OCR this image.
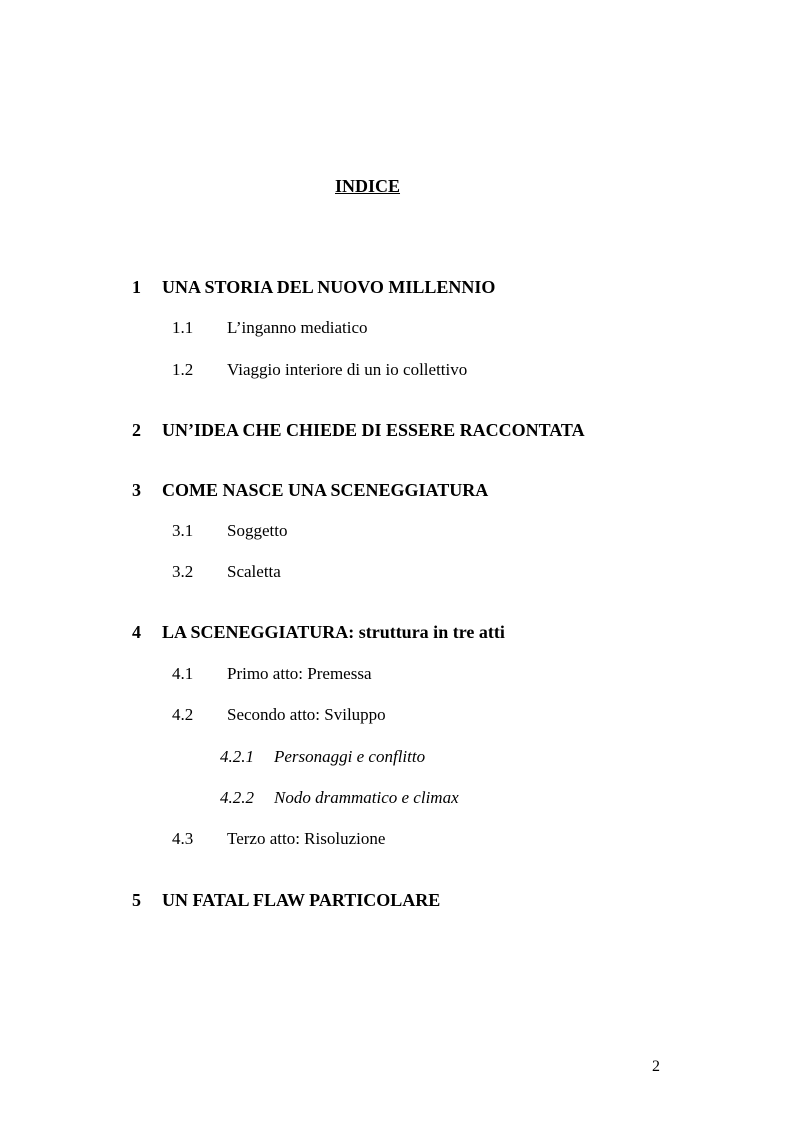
INDICE
1 UNA STORIA DEL NUOVO MILLENNIO
1.1 L’inganno mediatico
1.2 Viaggio interiore di un io collettivo
2 UN’IDEA CHE CHIEDE DI ESSERE RACCONTATA
3 COME NASCE UNA SCENEGGIATURA
3.1 Soggetto
3.2 Scaletta
4 LA SCENEGGIATURA: struttura in tre atti
4.1 Primo atto: Premessa
4.2 Secondo atto: Sviluppo
4.2.1 Personaggi e conflitto
4.2.2 Nodo drammatico e climax
4.3 Terzo atto: Risoluzione
5 UN FATAL FLAW PARTICOLARE
2
